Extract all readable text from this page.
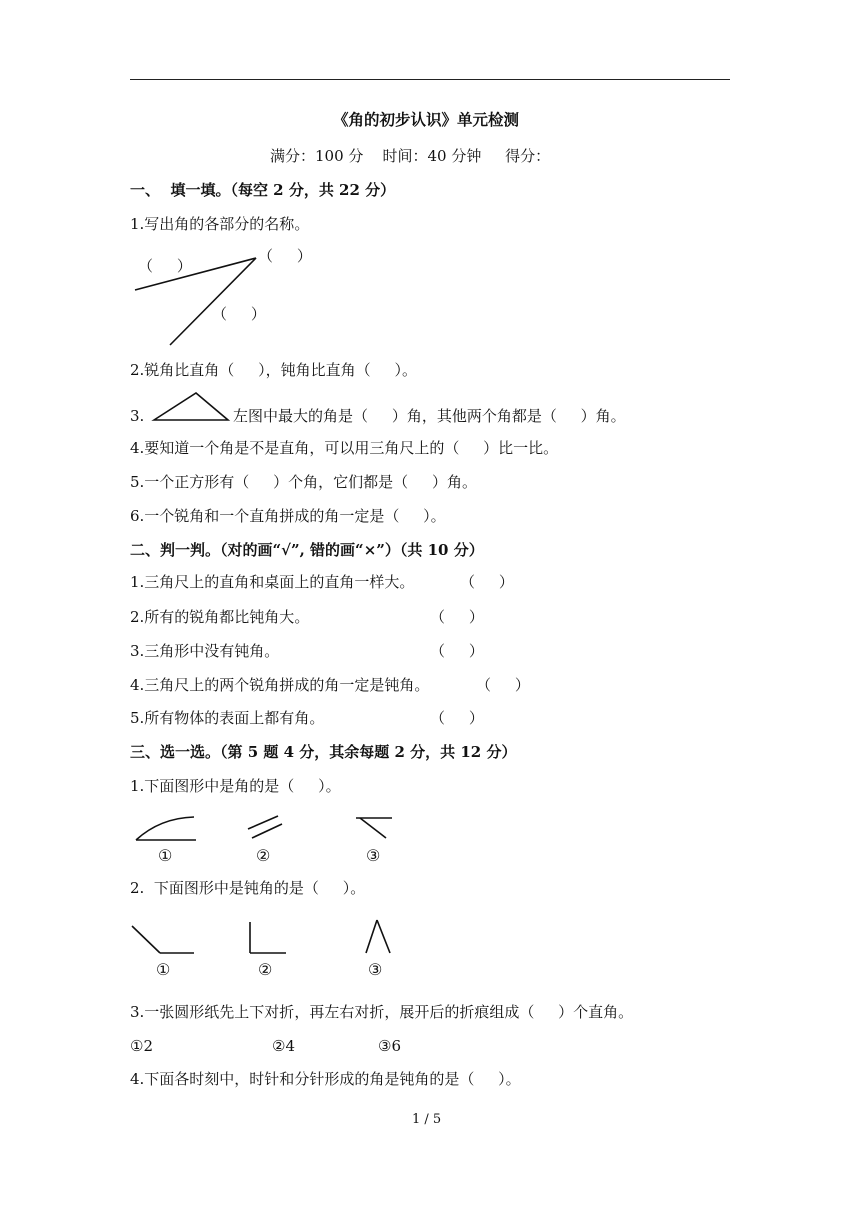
《角的初步认识》单元检测
满分：100 分    时间：40 分钟     得分：
一、  填一填。（每空 2 分，共 22 分）
1.写出角的各部分的名称。
（     ）
（     ）
（     ）
2.锐角比直角（     ），钝角比直角（     ）。
3.	左图中最大的角是（     ）角，其他两个角都是（     ）角。
4.要知道一个角是不是直角，可以用三角尺上的（     ）比一比。
5.一个正方形有（     ）个角，它们都是（     ）角。
6.一个锐角和一个直角拼成的角一定是（     ）。
二、判一判。（对的画“√”, 错的画“×”）（共 10 分）
1.三角尺上的直角和桌面上的直角一样大。	（     ）
2.所有的锐角都比钝角大。	（     ）
3.三角形中没有钝角。	（     ）
4.三角尺上的两个锐角拼成的角一定是钝角。	（     ）
5.所有物体的表面上都有角。	（     ）
三、选一选。（第 5 题 4 分，其余每题 2 分，共 12 分）
1.下面图形中是角的是（     ）。
①	②	③
2.  下面图形中是钝角的是（     ）。
①	②	③
3.一张圆形纸先上下对折，再左右对折，展开后的折痕组成（     ）个直角。
①2	②4	③6
4.下面各时刻中，时针和分针形成的角是钝角的是（     ）。
1 / 5
